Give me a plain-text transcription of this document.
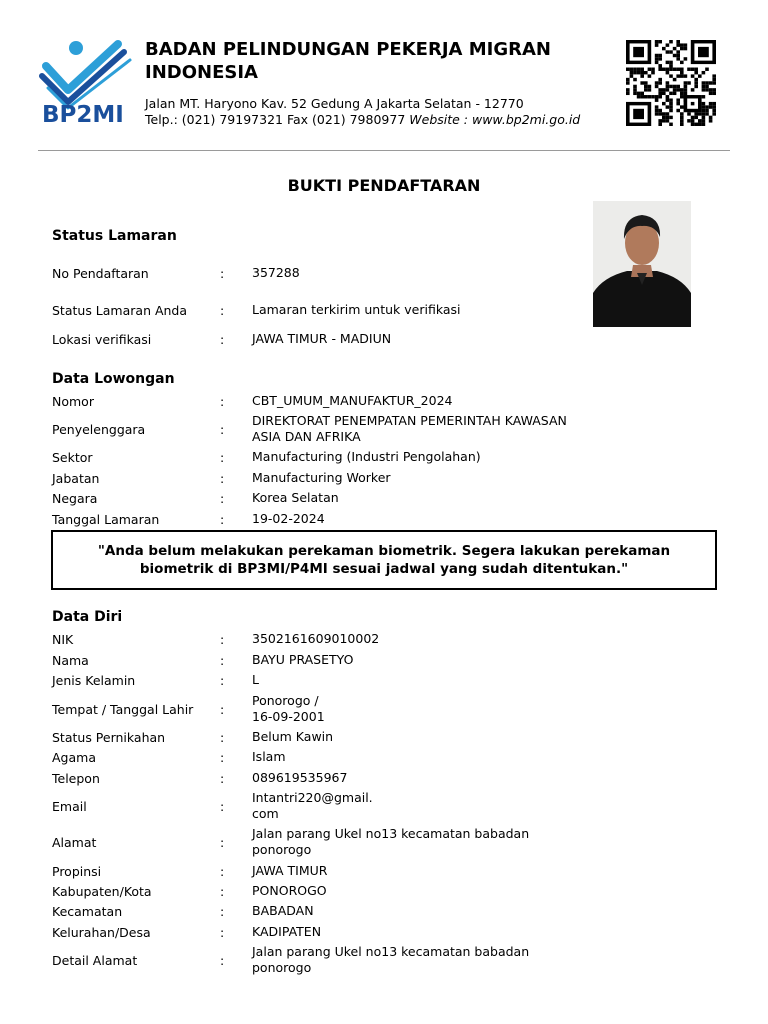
BP2MI
BADAN PELINDUNGAN PEKERJA MIGRAN INDONESIA
Jalan MT. Haryono Kav. 52 Gedung A Jakarta Selatan - 12770
Telp.: (021) 79197321 Fax (021) 7980977 Website : www.bp2mi.go.id
BUKTI PENDAFTARAN
Status Lamaran
No Pendaftaran	:	357288
Status Lamaran Anda	:	Lamaran terkirim untuk verifikasi
Lokasi verifikasi	:	JAWA TIMUR - MADIUN
Data Lowongan
Nomor	:	CBT_UMUM_MANUFAKTUR_2024
Penyelenggara	:
DIREKTORAT PENEMPATAN PEMERINTAH KAWASAN ASIA DAN AFRIKA
Sektor	:	Manufacturing (Industri Pengolahan)
Jabatan	:	Manufacturing Worker
Negara	:	Korea Selatan
Tanggal Lamaran	:	19-02-2024
"Anda belum melakukan perekaman biometrik. Segera lakukan perekaman biometrik di BP3MI/P4MI sesuai jadwal yang sudah ditentukan."
Data Diri
NIK	:	3502161609010002
Nama	:	BAYU PRASETYO
Jenis Kelamin	:	L
Tempat / Tanggal Lahir	:
Ponorogo /
16-09-2001
Status Pernikahan	:	Belum Kawin
Agama	:	Islam
Telepon	:	089619535967
Email	:
Intantri220@gmail.
com
Alamat	:
Jalan parang Ukel no13 kecamatan babadan
ponorogo
Propinsi	:	JAWA TIMUR
Kabupaten/Kota	:	PONOROGO
Kecamatan	:	BABADAN
Kelurahan/Desa	:	KADIPATEN
Detail Alamat	:
Jalan parang Ukel no13 kecamatan babadan
ponorogo
